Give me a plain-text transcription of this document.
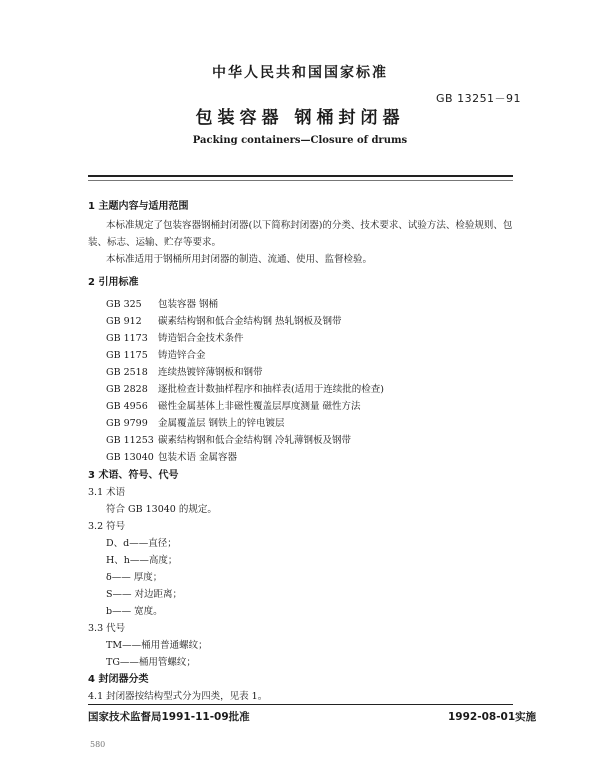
中华人民共和国国家标准
GB 13251－91
包装容器 钢桶封闭器
Packing containers—Closure of drums
1 主题内容与适用范围
本标准规定了包装容器钢桶封闭器(以下简称封闭器)的分类、技术要求、试验方法、检验规则、包
装、标志、运输、贮存等要求。
本标准适用于钢桶所用封闭器的制造、流通、使用、监督检验。
2 引用标准
GB 325 包装容器 钢桶
GB 912 碳素结构钢和低合金结构钢 热轧钢板及钢带
GB 1173 铸造铝合金技术条件
GB 1175 铸造锌合金
GB 2518 连续热镀锌薄钢板和钢带
GB 2828 逐批检查计数抽样程序和抽样表(适用于连续批的检查)
GB 4956 磁性金属基体上非磁性覆盖层厚度测量 磁性方法
GB 9799 金属覆盖层 钢铁上的锌电镀层
GB 11253 碳素结构钢和低合金结构钢 冷轧薄钢板及钢带
GB 13040 包装术语 金属容器
3 术语、符号、代号
3.1 术语
符合 GB 13040 的规定。
3.2 符号
D、d——直径；
H、h——高度；
δ—— 厚度；
S—— 对边距离；
b—— 宽度。
3.3 代号
TM——桶用普通螺纹；
TG——桶用管螺纹；
4 封闭器分类
4.1 封闭器按结构型式分为四类，见表 1。
国家技术监督局1991-11-09批准	1992-08-01实施
580
